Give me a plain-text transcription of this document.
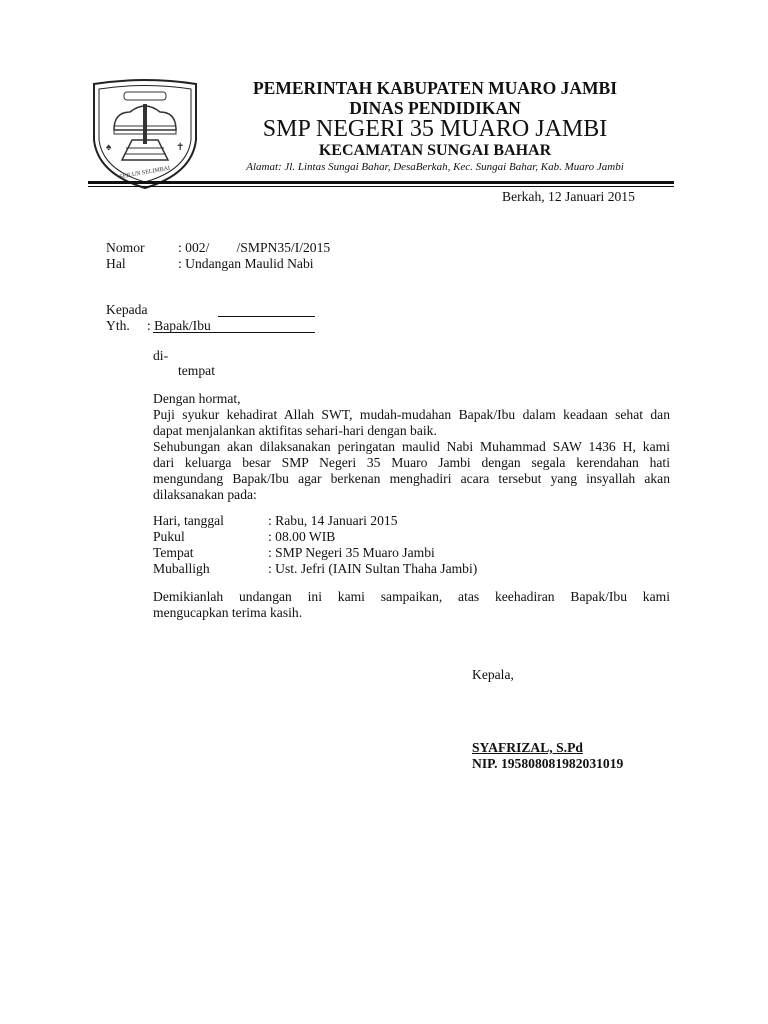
♠	✝
SEILUN SELIMBAI
PEMERINTAH KABUPATEN MUARO JAMBI
DINAS PENDIDIKAN
SMP NEGERI 35 MUARO JAMBI
KECAMATAN SUNGAI BAHAR
Alamat: Jl. Lintas Sungai Bahar, DesaBerkah, Kec. Sungai Bahar, Kab. Muaro Jambi
Berkah, 12 Januari 2015
Nomor : 002/        /SMPN35/I/2015
Hal	: Undangan Maulid Nabi
Kepada
Yth. : Bapak/Ibu
di-
tempat
Dengan hormat,
Puji syukur kehadirat Allah SWT, mudah-mudahan Bapak/Ibu dalam keadaan sehat dan
dapat menjalankan aktifitas sehari-hari dengan baik.
Sehubungan akan dilaksanakan peringatan maulid Nabi Muhammad SAW 1436 H, kami
dari keluarga besar SMP Negeri 35 Muaro Jambi dengan segala kerendahan hati
mengundang Bapak/Ibu agar berkenan menghadiri acara tersebut yang insyallah akan
dilaksanakan pada:
Hari, tanggal	: Rabu, 14 Januari 2015
Pukul	: 08.00 WIB
Tempat	: SMP Negeri 35 Muaro Jambi
Muballigh	: Ust. Jefri (IAIN Sultan Thaha Jambi)
Demikianlah undangan ini kami sampaikan, atas keehadiran Bapak/Ibu kami
mengucapkan terima kasih.
Kepala,
SYAFRIZAL, S.Pd
NIP. 195808081982031019
